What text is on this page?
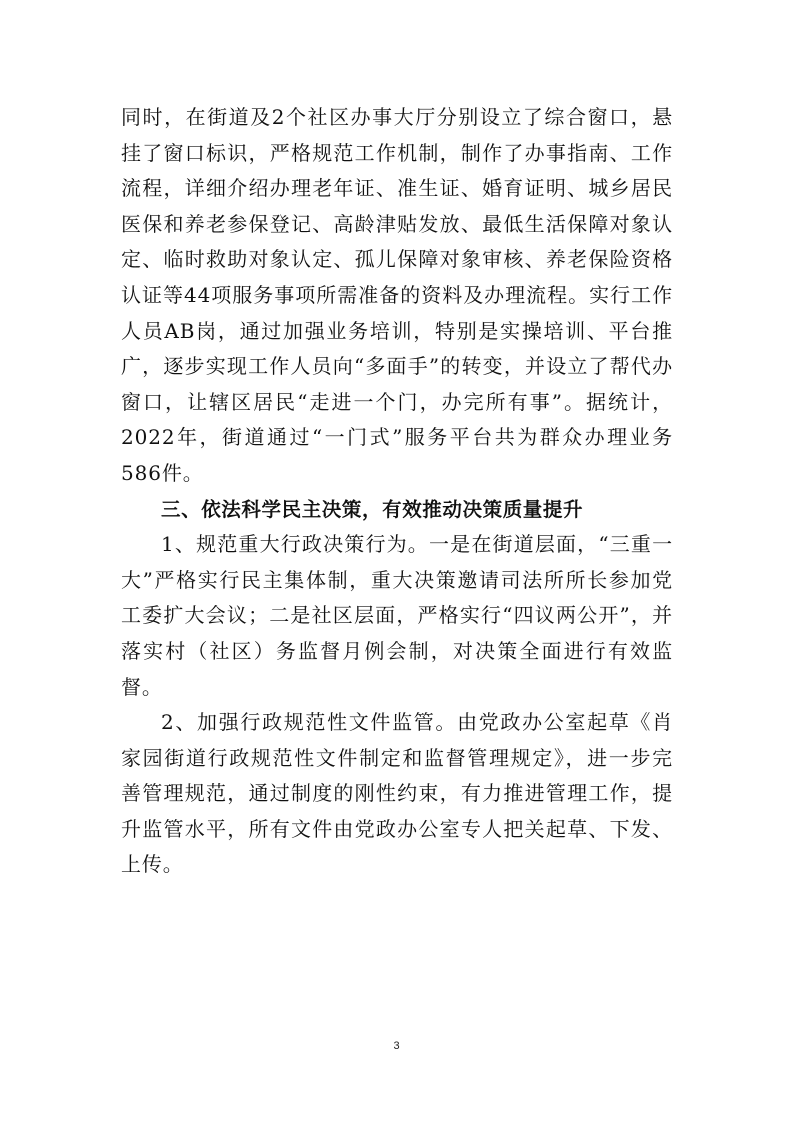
同时，在街道及2个社区办事大厅分别设立了综合窗口，悬挂了窗口标识，严格规范工作机制，制作了办事指南、工作流程，详细介绍办理老年证、准生证、婚育证明、城乡居民医保和养老参保登记、高龄津贴发放、最低生活保障对象认定、临时救助对象认定、孤儿保障对象审核、养老保险资格认证等44项服务事项所需准备的资料及办理流程。实行工作人员AB岗，通过加强业务培训，特别是实操培训、平台推广，逐步实现工作人员向“多面手”的转变，并设立了帮代办窗口，让辖区居民“走进一个门，办完所有事”。据统计，2022年，街道通过“一门式”服务平台共为群众办理业务586件。

三、依法科学民主决策，有效推动决策质量提升

1、规范重大行政决策行为。一是在街道层面，“三重一大”严格实行民主集体制，重大决策邀请司法所所长参加党工委扩大会议；二是社区层面，严格实行“四议两公开”，并落实村（社区）务监督月例会制，对决策全面进行有效监督。

2、加强行政规范性文件监管。由党政办公室起草《肖家园街道行政规范性文件制定和监督管理规定》，进一步完善管理规范，通过制度的刚性约束，有力推进管理工作，提升监管水平，所有文件由党政办公室专人把关起草、下发、上传。

3
